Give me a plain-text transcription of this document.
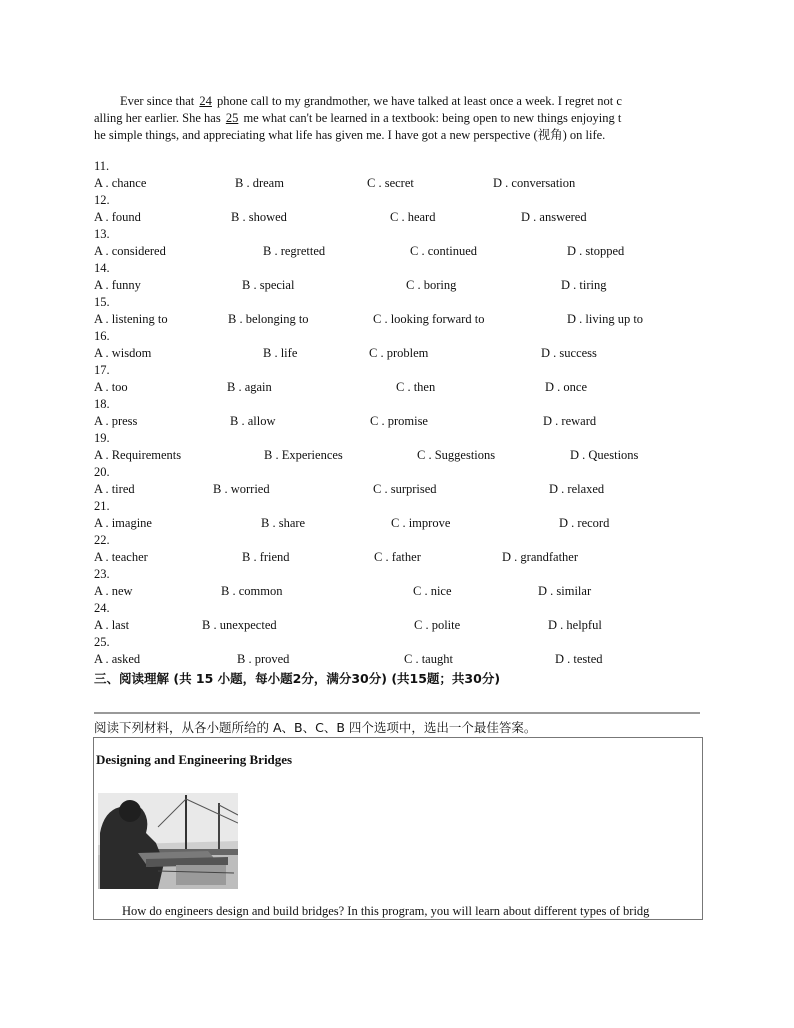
Ever since that 24 phone call to my grandmother, we have talked at least once a week. I regret not c

alling her earlier. She has 25 me what can't be learned in a textbook: being open to new things enjoying t

he simple things, and appreciating what life has given me. I have got a new perspective (视角) on life.

11.
A . chance	B . dream	C . secret	D . conversation
12.
A . found	B . showed	C . heard	D . answered
13.
A . considered	B . regretted	C . continued	D . stopped
14.
A . funny	B . special	C . boring	D . tiring
15.
A . listening to	B . belonging to	C . looking forward to	D . living up to
16.
A . wisdom	B . life	C . problem	D . success
17.
A . too	B . again	C . then	D . once
18.
A . press	B . allow	C . promise	D . reward
19.
A . Requirements	B . Experiences	C . Suggestions	D . Questions
20.
A . tired	B . worried	C . surprised	D . relaxed
21.
A . imagine	B . share	C . improve	D . record
22.
A . teacher	B . friend	C . father	D . grandfather
23.
A . new	B . common	C . nice	D . similar
24.
A . last	B . unexpected	C . polite	D . helpful
25.
A . asked	B . proved	C . taught	D . tested
三、阅读理解 (共 15 小题，每小题2分，满分30分) (共15题；共30分)
阅读下列材料，从各小题所给的 A、B、C、B 四个选项中，选出一个最佳答案。
Designing and Engineering Bridges
How do engineers design and build bridges? In this program, you will learn about different types of bridg
